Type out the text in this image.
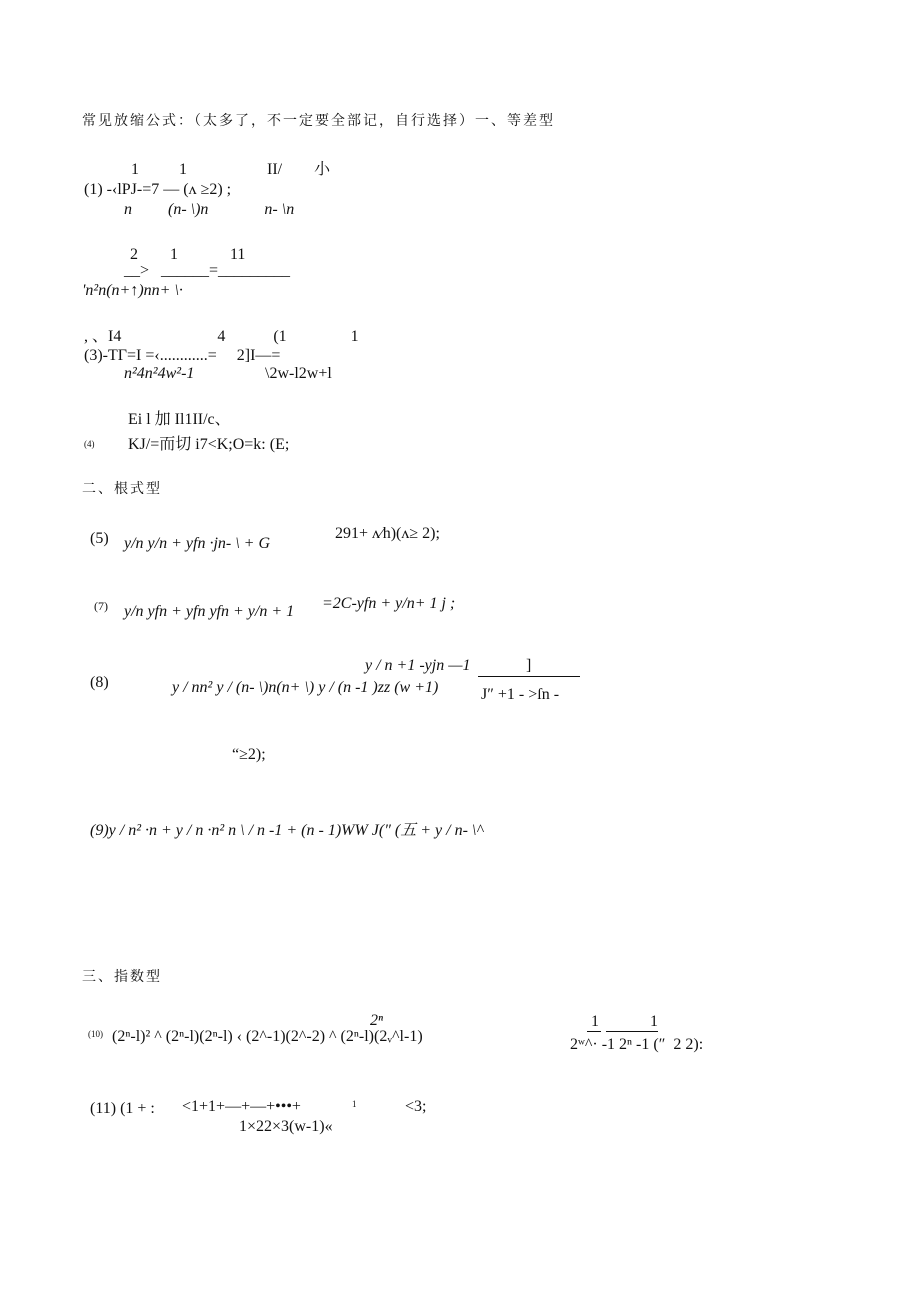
常见放缩公式：（太多了，不一定要全部记，自行选择）一、等差型
1          1                    II/        小
(1) -‹lPJ-=7 — (ʌ ≥2) ;
n         (n- \)n              n- \n
2        1             11
__>   ______=_________
'n²n(n+↑)nn+ \·
, 、I4                        4            (1                1
(3)-TΓ=I =‹............=     2]I—=
n²4n²4w²-1	\2w-l2w+l
Ei l 加 Il1II/c、
(4) KJ/=而切 i7<K;O=k: (E;
二、根式型
(5) y/n y/n + yfn ·jn- \ + G
291+ ʌ⁄h)(ʌ≥ 2);
(7) y/n yfn + yfn yfn + y/n + 1 =2C-yfn + y/n+ 1 j ;
y / n +1 -yjn —1	]
(8)	y / nn² y / (n- \)n(n+ \) y / (n -1 )zz (w +1)	J″ +1 - >ſn -
“≥2);
(9)y / n² ·n + y / n ·n² n \ / n -1 + (n - 1)WW J(″ (五 + y / n- \^
三、指数型
2ⁿ
(10) (2ⁿ-l)² ^ (2ⁿ-l)(2ⁿ-l) ‹ (2^-1)(2^-2) ^ (2ⁿ-l)(2ᵥ^l-1)
1	1
2ʷ^· -1 2ⁿ -1 (″  2 2):
(11) (1 + : <1+1+—+—+•••+	1	<3;
1×22×3(w-1)«
